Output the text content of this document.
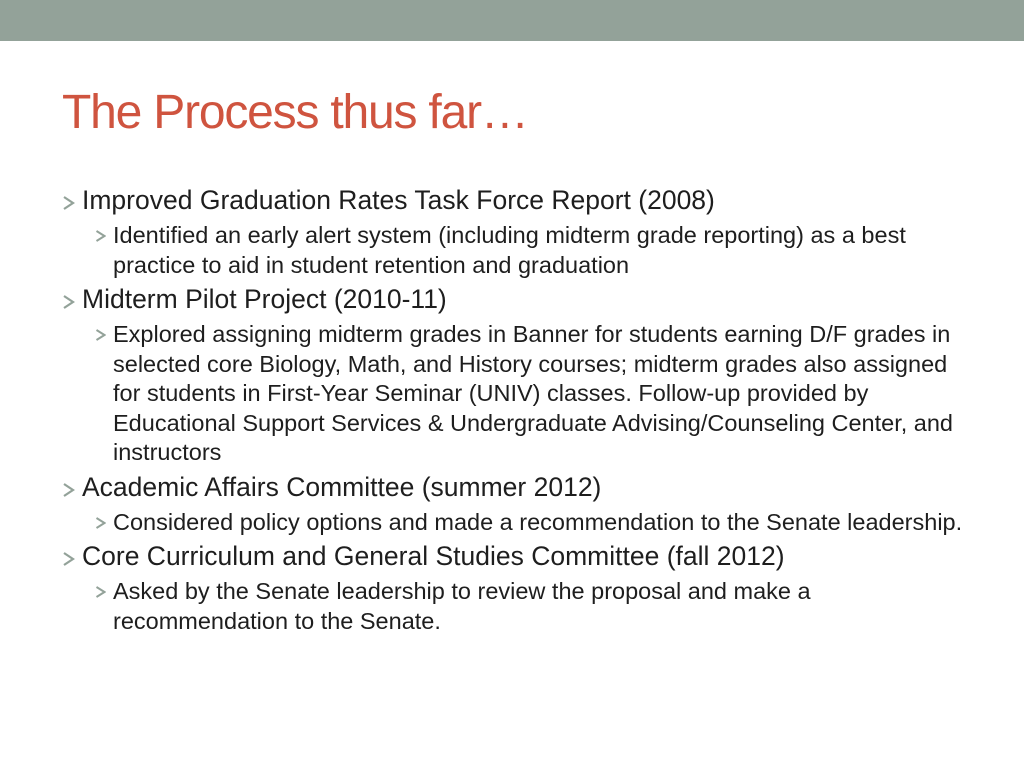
The Process thus far…
Improved Graduation Rates Task Force Report (2008)
Identified an early alert system (including midterm grade reporting) as a best practice to aid in student retention and graduation
Midterm Pilot Project (2010-11)
Explored assigning midterm grades in Banner for students earning D/F grades in selected core Biology, Math, and History courses; midterm grades also assigned for students in First-Year Seminar (UNIV) classes. Follow-up provided by Educational Support Services & Undergraduate Advising/Counseling Center, and instructors
Academic Affairs Committee (summer 2012)
Considered policy options and made a recommendation to the Senate leadership.
Core Curriculum and General Studies Committee (fall 2012)
Asked by the Senate leadership to review the proposal and make a recommendation to the Senate.
